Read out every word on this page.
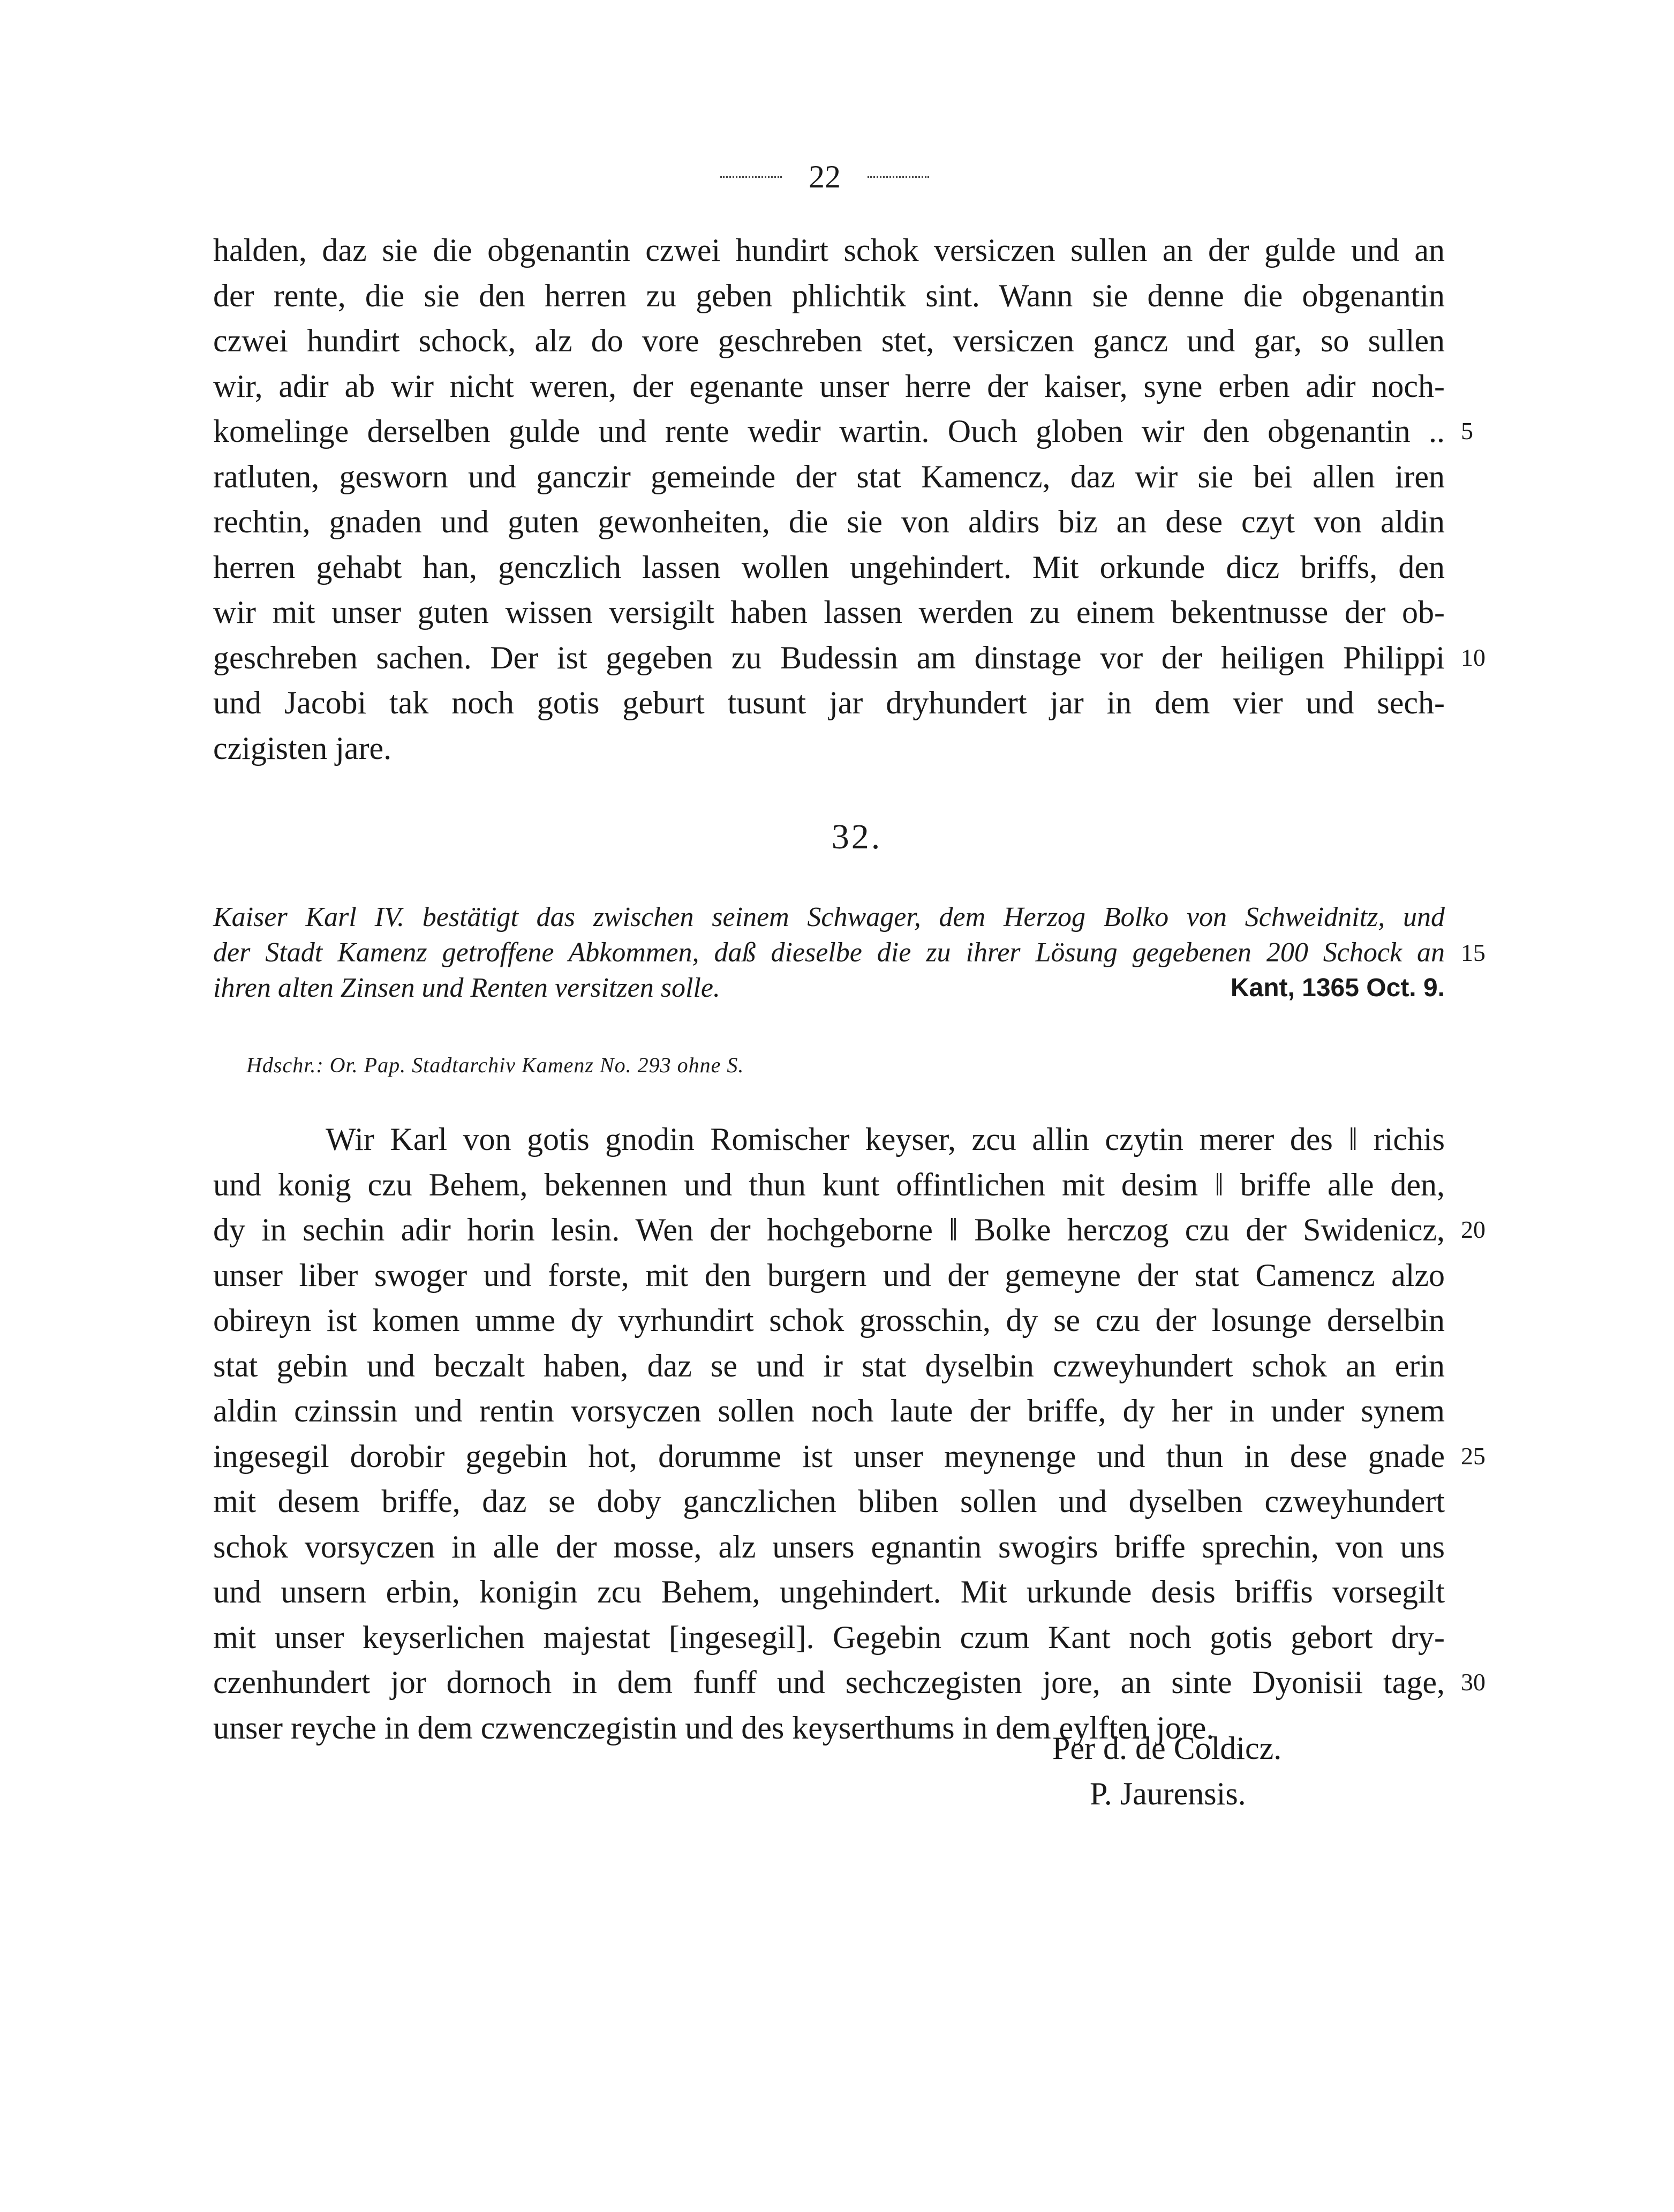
22
halden, daz sie die obgenantin czwei hundirt schok versiczen sullen an der gulde und an
der rente, die sie den herren zu geben phlichtik sint. Wann sie denne die obgenantin
czwei hundirt schock, alz do vore geschreben stet, versiczen gancz und gar, so sullen
wir, adir ab wir nicht weren, der egenante unser herre der kaiser, syne erben adir noch-
komelinge derselben gulde und rente wedir wartin. Ouch globen wir den obgenantin .. 5
ratluten, gesworn und ganczir gemeinde der stat Kamencz, daz wir sie bei allen iren
rechtin, gnaden und guten gewonheiten, die sie von aldirs biz an dese czyt von aldin
herren gehabt han, genczlich lassen wollen ungehindert. Mit orkunde dicz briffs, den
wir mit unser guten wissen versigilt haben lassen werden zu einem bekentnusse der ob-
geschreben sachen. Der ist gegeben zu Budessin am dinstage vor der heiligen Philippi 10
und Jacobi tak noch gotis geburt tusunt jar dryhundert jar in dem vier und sech-
czigisten jare.
32.
Kaiser Karl IV. bestätigt das zwischen seinem Schwager, dem Herzog Bolko von Schweidnitz, und
der Stadt Kamenz getroffene Abkommen, daß dieselbe die zu ihrer Lösung gegebenen 200 Schock an 15
ihren alten Zinsen und Renten versitzen solle.	Kant, 1365 Oct. 9.
Hdschr.: Or. Pap. Stadtarchiv Kamenz No. 293 ohne S.
Wir Karl von gotis gnodin Romischer keyser, zcu allin czytin merer des ‖ richis
und konig czu Behem, bekennen und thun kunt offintlichen mit desim ‖ briffe alle den,
dy in sechin adir horin lesin. Wen der hochgeborne ‖ Bolke herczog czu der Swidenicz, 20
unser liber swoger und forste, mit den burgern und der gemeyne der stat Camencz alzo
obireyn ist komen umme dy vyrhundirt schok grosschin, dy se czu der losunge derselbin
stat gebin und beczalt haben, daz se und ir stat dyselbin czweyhundert schok an erin
aldin czinssin und rentin vorsyczen sollen noch laute der briffe, dy her in under synem
ingesegil dorobir gegebin hot, dorumme ist unser meynenge und thun in dese gnade 25
mit desem briffe, daz se doby ganczlichen bliben sollen und dyselben czweyhundert
schok vorsyczen in alle der mosse, alz unsers egnantin swogirs briffe sprechin, von uns
und unsern erbin, konigin zcu Behem, ungehindert. Mit urkunde desis briffis vorsegilt
mit unser keyserlichen majestat [ingesegil]. Gegebin czum Kant noch gotis gebort dry-
czenhundert jor dornoch in dem funff und sechczegisten jore, an sinte Dyonisii tage, 30
unser reyche in dem czwenczegistin und des keyserthums in dem eylften jore.
Per d. de Coldicz.
P. Jaurensis.
